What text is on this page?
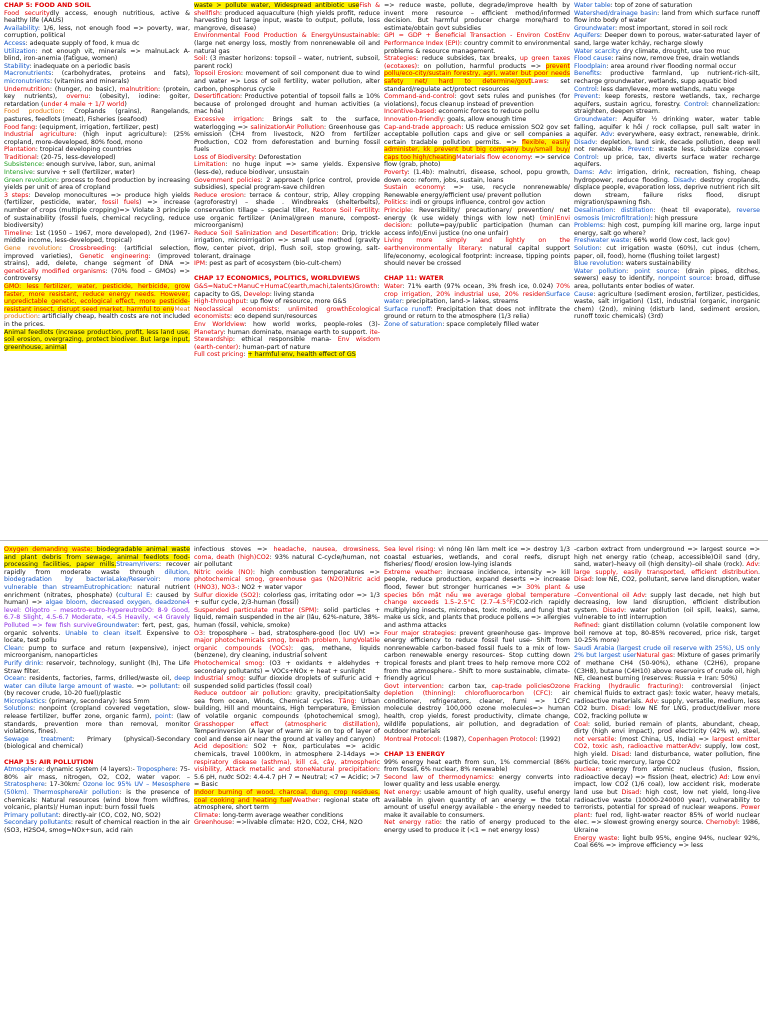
CHAP 5: FOOD AND SOIL

Food securitydly access, enough nutritious, active & healthy life (AAUS)

Availability: 1/6, less, not enough food => poverty, war, corruption, political

Access: adequate supply of food, k mua dc

Utilization: not enough vit, minerals => malnuLack A-blind, iron-anemia (fatigue, women)

Stability: inadequate on a periodic basis

Macronutrients: (carbohydrates, proteins and fats), micronutrients: (vitamins and minerals)

Undernutrition: (hunger, no basic), malnutrition: (protein, key nutrients), overnu: (obesity), iodine: goiter, retardation (under 4 male + 1/7 world)

Food production: Croplands (grains), Rangelands, pastures, feedlots (meat), Fisheries (seafood)

Food fang: (equipment, irrigation, fertilizer, pest)

Industrial agriculture: (high input agriculture): (25% cropland, more-developed, 80% food, mono

Plantation: tropical developing countries

Traditional: (20-75, less-developed)

Subsistence: enough survive, labor, sun, animal

Intensive: survive + sell (fertilizer, water)

Green revolution: process to food production by increasing yields per unit of area of cropland

3 steps: Develop monocultures => produce high yields (fertilizer, pesticide, water, fossil fuels) => increase number of crops (multiple cropping)=> Violate 3 principle of sustainability (fossil fuels, chemical recycling, reduce biodiversity)

Timeline: 1st (1950 – 1967, more developed), 2nd (1967-middle income, less-developed, tropical)

Gene revolution: Crossbreeding: (artificial selection, improved varieties), Genetic engineering: (improved strains), add, delete, change segment of DNA => genetically modified organisms: (70% food – GMOs) => controversy

GMO: less fertilizer, water, pesticide, herbicide, grow faster, more resistant, reduce energy needs. However, unpredictable genetic, ecological effect, more pesticide-resistant insect, disrupt seed market, harmful to envMeat production: artificially cheap, health costs are not included in the prices.

Animal feedlots (increase production, profit, less land use, soil erosion, overgrazing, protect biodiver. But large input, greenhouse, animal

waste > pollute water, Widespread antibiotic useFish & shellfish: produced aquaculture (high yields profit, reduce harvesting but large input, waste to output, pollute, loss mangrove, disease)

Environmental Food Production & EnergyUnsustainable: (large net energy loss, mostly from nonrenewable oil and natural gas

Soil: (3 master horizons: topsoil – water, nutrient, subsoil, parent rock)

Topsoil Erosion: movement of soil component due to wind and water => Loss of soil fertility, water pollution, alter carbon, phosphorus cycle

Desertification: Productive potential of topsoil falls ≥ 10% because of prolonged drought and human activities (a mac hóa)

Excessive irrigation: Brings salt to the surface, waterlogging => salinizationAir Pollution: Greenhouse gas emission (CH4 from livestock, N2O from fertilizer Production, CO2 from deforestation and burning fossil fuels

Loss of Biodiversity: Deforestation

Limitation: no huge input => same yields. Expensive (less-de), reduce biodiver, unsustain

Government policies: 2 approach (price control, provide subsidies), special program-save children

Reduce erosion: terrace & contour, strip, Alley cropping (agroforestry) – shade . Windbreaks (shelterbelts), conservation tillage – special tiller, Restore Soil Fertility: use organic fertilizer (Animal/green manure, compost-microorganism)

Reduce Soil Salinization and Desertification: Drip, trickle irrigation, microirrigation => small use method (gravity flow, center pivot, drip), flush soil, stop growing, salt-tolerant, drainage

IPM: pest as part of ecosystem (bio-cult-chem)

CHAP 17 ECONOMICS, POLITICS, WORLDVIEWS

G&S=NatuC+ManuC+HumaC(earth,machi,talents)Growth: capacity to GS, Develop: living standa

High-throughput: up flow of resource, more G&S

Neoclassical economists: unlimited growthEcological economists: eco depend sun/resources

Env Worldview: how world works, people-roles (3)- Planetary: human dominate, manage earth to support. ite-Stewardship: ethical responsible mana- Env wisdom (earth-center): human-part of nature

Full cost pricing: + harmful env, health effect of GS

=> reduce waste, pollute, degrade/improve health by invent more resource – efficient method/informed decision. But harmful producer charge more/hard to estimate/obtain govt subsidies

GPI = GDP + Beneficial Transaction - Environ CostEnv Performance Index (EPI): country commit to environmental problems & resource management.

Strategies: reduce subsides, tax breaks, up green taxes (ecotaxes): on pollution, harmful products => prevent pollu/eco-city/sustain forestry, agri, water but poor needs safety net/ hard to determine/govtLaws: set standard/regulate act/protect resources

Command-and-control: govt sets rules and punishes (for violations), focus cleanup instead of prevention

Incentive-based: economic forces to reduce pollu

Innovation-friendly: goals, allow enough time

Cap-and-trade approach: US reduce emission SO2 gov set acceptable pollution caps and give or sell companies a certain tradable pollution permits. => flexible, easily administer, kk prevent but big company buy/small buy/ caps too high/cheatingMaterials flow economy: => service flow (grab, photo)

Poverty: (1.4b): malnutri, disease, school, popu growth, down eco: reform, jobs, sustain, loans

Sustain economy: => use, recycle nonrenewable/ Renewable energy/efficient use/ prevent pollution

Politics: indi or groups influence, control gov action

Principle: Reversibility/ precautionary/ prevention/ net energy (k use widely things with low net) (min)Envi decision: pollute=pay/public participation (human can access info)/Envi justice (no one unfair)

Living more simply and lightly on the earthenvironmentally literary: natural capital support life/economy, ecological footprint: increase, tipping points should never be crossed

CHAP 11: WATER

Water: 71% earth (97% ocean, 3% fresh ice, 0.024) 70% crop irrigation, 20% industrial use, 20% residenSurface water: precipitation, land-> lakes, streams

Surface runoff: Precipitation that does not infiltrate the ground or return to the atmosphere (1/3 relia)

Zone of saturation: space completely filled water

Water table: top of zone of saturation

Watershed/drainage basin: land from which surface runoff flow into body of water

Groundwater: most important, stored in soil rock

Aquifers: Deeper down to porous, water-saturated layer of sand, large water kchảy, recharge slowly

Water scarcity: dry climate, drought, use too muc

Flood cause: rains now, remove tree, drain wetlands

Floodplain: area around river flooding normal occur

Benefits: productive farmland, up nutrient-rich-silt, recharge groundwater, wetlands, supp aquatic biod

Control: less dam/levee, more wetlands, natu vege

Prevent: keep forests, restore wetlands, tax, recharge aquifers, sustain agricu, forestry. Control: channelization: straighten, deepen stream.

Groundwater: Aquifer ½ drinking water, water table falling, aquifer k hồi / rock collapse, pull salt water in aquifer. Adv: everywhere, easy extract, renewable, drink. Disadv: depletion, land sink, decade pollution, deep well not renewable. Prevent: waste less, subsidize conserv. Control: up price, tax, diverts surface water recharge aquifers.

Dams: Adv: irrigation, drink, recreation, fishing, cheap hydropower, reduce flooding. Disadv: destroy croplands, displace people, evaporation loss, deprive nutrient rich silt down stream, failure risks flood, disrupt migration/spawning fish.

Desalination: distillation: (heat til evaporate), reverse osmosis (microfiltration): high pressure

Problems: high cost, pumping kill marine org, large input energy, salt go where?

Freshwater waste: 66% world (low cost, lack gov)

Solution: cut irrigation waste (60%), cut indus (chem, paper, oil, food), home (flushing toilet largest)

Blue revolution: waters sustainability

Water pollution: point source: (drain pipes, ditches, sewers) easy to identify, nonpoint source: broad, diffuse area, pollutants enter bodies of water.

Cause: agriculture (sediment erosion, fertilizer, pesticides, waste, salt irrigation) (1st), industrial (organic, inorganic chem) (2nd), mining (disturb land, sediment erosion, runoff toxic chemicals) (3rd)

Oxygen demanding waste: biodegradable animal waste and plant debris from sewage, animal feedlots food-processing facilities, paper mills.Stream/rivers: recover rapidly from moderate waste through dilution, biodegradation by bacteriaLake/Reservoir: more vulnerable than streamEutrophication: natural nutrient enrichment (nitrates, phosphate) (cultural E: caused by human) => algae bloom, decreased oxygen, deadzone4 level: Oligotro – mesotro-eutro-hypereutroDO: 8-9 Good, 6.7-8 Slight, 4.5-6.7 Moderate, <4.5 Heavily, <4 Gravely Polluted => few fish surviveGroundwater: fert, pest, gas, organic solvents. Unable to clean itself. Expensive to locate, test pollu

Clean: pump to surface and return (expensive), inject microorganism, nanoparticles

Purify drink: reservoir, technology, sunlight (lh), The Life Straw filter.

Ocean: residents, factories, farms, drilled/waste oil, deep water can dilute large amount of waste. => pollutant: oil (by recover crude, 10-20 fuel)/plastic

Microplastics: (primary, secondary): less 5mm

Solutions: nonpoint (cropland covered vegetation, slow-release fertilizer, buffer zone, organic farm), point: (law standards, prevention more than removal, monitor violations, fines).

Sewage treatment: Primary (physical)-Secondary (biological and chemical)

CHAP 15: AIR POLLUTION

Atmosphere: dynamic system (4 layers):- Troposphere: 75-80% air mass, nitrogen, O2, CO2, water vapor. – Stratosphere: 17-30km: Ozone loc 95% UV – Mesosphere (50km). ThermosphereAir pollution: is the presence of chemicals: Natural resources (wind blow from wildfires, volcanic, plants)/ Human input: burn fossil fuels

Primary pollutant: directly-air (CO, CO2, NO, SO2)

Secondary pollutants: result of chemical reaction in the air (SO3, H2SO4, smog=NOx+sun, acid rain

infectious stoves => headache, nausea, drowsiness, coma, death (high)CO2: 93% natural C-cycle/human, not air pollutant

Nitric oxide (NO): high combustion temperatures => photochemical smog, greenhouse gas (N2O)Nitric acid (HNO3), NO3-: NO2 + water vapor

Sulfur dioxide (SO2): colorless gas, irritating odor => 1/3 + sulfur cycle, 2/3-human (fossil)

Suspended particulate matter (SPM): solid particles + liquid, remain suspended in the air (lâu, 62%-nature, 38%-human (fossil, vehicle, smoke)

O3: troposphere – bad, stratosphere-good (loc UV) => major photochemicals smog, breath problem, lungVolatile organic compounds (VOCs): gas, methane, liquids (benzene), dry cleaning, industrial solvent

Photochemical smog: (O3 + oxidants + aldehydes + secondary pollutants) = VOCs+NOx + heat + sunlight

Industrial smog: sulfur dioxide droplets of sulfuric acid + suspended solid particles (fossil coal)

Reduce outdoor air pollution: gravity, precipitationSalty sea from ocean, Winds, Chemical cycles. Tăng: Urban building, Hill and mountains, High temperature, Emission of volatile organic compounds (photochemical smog), Grasshopper effect (atmospheric distillation), Temperinversion (A layer of warm air is on top of layer of cool and dense air near the ground at valley and canyon)

Acid deposition: SO2 + Nox, particulates => acidic chemicals, travel 1000km, in atmosphere 2-14days => respiratory disease (asthma), kill cá, cây, atmospheric visibility, Attack metallic and stoneNatural precipitation: 5.6 pH, nước SO2: 4.4-4.7 pH 7 = Neutral; <7 = Acidic; >7 = Basic

Indoor burning of wood, charcoal, dung, crop residues, coal cooking and heating fuelWeather: regional state oft atmosphere, short term

Climate: long-term average weather conditions

Greenhouse: =>livable climate: H2O, CO2, CH4, N2O

Sea level rising: vì nóng lên làm melt ice => destroy 1/3 coastal estuaries, wetlands, and coral reefs, disrupt fisheries/ flood/ erosion low-lying islands

Extreme weather: increase incidence, intensity => kill people, reduce production, expand deserts => increase flood, fewer but stronger hurricanes => 30% plant & species bốn mặt nếu we average global temperature change exceeds 1.5–2.5°C (2.7–4.5°F)CO2-rich rapidly multiplying insects, microbes, toxic molds, and fungi that make us sick, and plants that produce pollens => allergies and asthma attacks

Four major strategies: prevent greenhouse gas- Improve energy efficiency to reduce fossil fuel use- Shift from nonrenewable carbon-based fossil fuels to a mix of low-carbon renewable energy resources- Stop cutting down tropical forests and plant trees to help remove more CO2 from the atmosphere.- Shift to more sustainable, climate-friendly agricul

Govt intervention: carbon tax, cap-trade policiesOzone depletion (thinning): chlorofluorocarbon (CFC): air conditioner, refrigerators, cleaner, fumi => 1CFC molecule destroy 100,000 ozone molecules=> human health, crop yields, forest productivity, climate change, wildlife populations, air pollution, and degradation of outdoor materials

Montreal Protocol: (1987), Copenhagen Protocol: (1992)

CHAP 13 ENERGY

99% energy heat earth from sun, 1% commercial (86% from fossil, 6% nuclear, 8% renewable)

Second law of thermodynamics: energy converts into lower quality and less usable energy.

Net energy: usable amount of high quality, useful energy available in given quantity of an energy = the total amount of useful energy available - the energy needed to make it available to consumers.

Net energy ratio: the ratio of energy produced to the energy used to produce it (<1 = net energy loss)

-carbon extract from underground => largest source => high net energy ratio (cheap, accessible)Oil sand (dry, sand, water)–heavy oil (high density)–oil shale (rock). Adv: large supply, easily transported, efficient distribution. Disad: low NE, CO2, pollutant, serve land disruption, water use

–Conventional oil Adv: supply last decade, net high but decreasing, low land disruption, efficient distribution system. Disadv: water pollution (oil spill, leaks), same, vulnerable to intl interruption

Refined: giant distillation column (volatile component low boil remove at top, 80-85% recovered, price risk, target 10-25% more)

Saudi Arabia (largest crude oil reserve with 25%), US only 2% but largest userNatural gas: Mixture of gases primarily of methane CH4 (50-90%), ethane (C2H6), propane (C3H8), butane (C4H10) above reservoirs of crude oil, high NE, cleanest burning (reserves: Russia + Iran: 50%)

Fracking (hydraulic fracturing): controversial (inject chemical fluids to extract gas): toxic water, heavy metals, radioactive materials. Adv: supply, versatile, medium, less CO2 burn. Disad: low NE for LNG, product/deliver more CO2, fracking pollute w

Coal: solid, buried remain of plants, abundant, cheap, dirty (high envi impact), prod electricity (42% w), steel, not versatile: (most China, US, India) => largest emitter CO2, toxic ash, radioactive matterAdv: supply, low cost, high yield. Disad: land disturbance, water pollution, fine particle, toxic mercury, large CO2

Nuclear: energy from atomic nucleus (fusion, fission, radioactive decay) => fission (heat, electric) Ad: Low envi impact, low CO2 (1/6 coal), low accident risk, moderate land use but Disad: high cost, low net yield, long-live radioactive waste (10000-240000 year), vulnerability to terrorists, potential for spread of nuclear weapons. Power plant: fuel rod, light-water reactor 85% of world nuclear elec. => slowest growing energy source. Chernobyl: 1986, Ukraine

Energy waste: light bulb 95%, engine 94%, nuclear 92%, Coal 66% => improve efficiency => less
